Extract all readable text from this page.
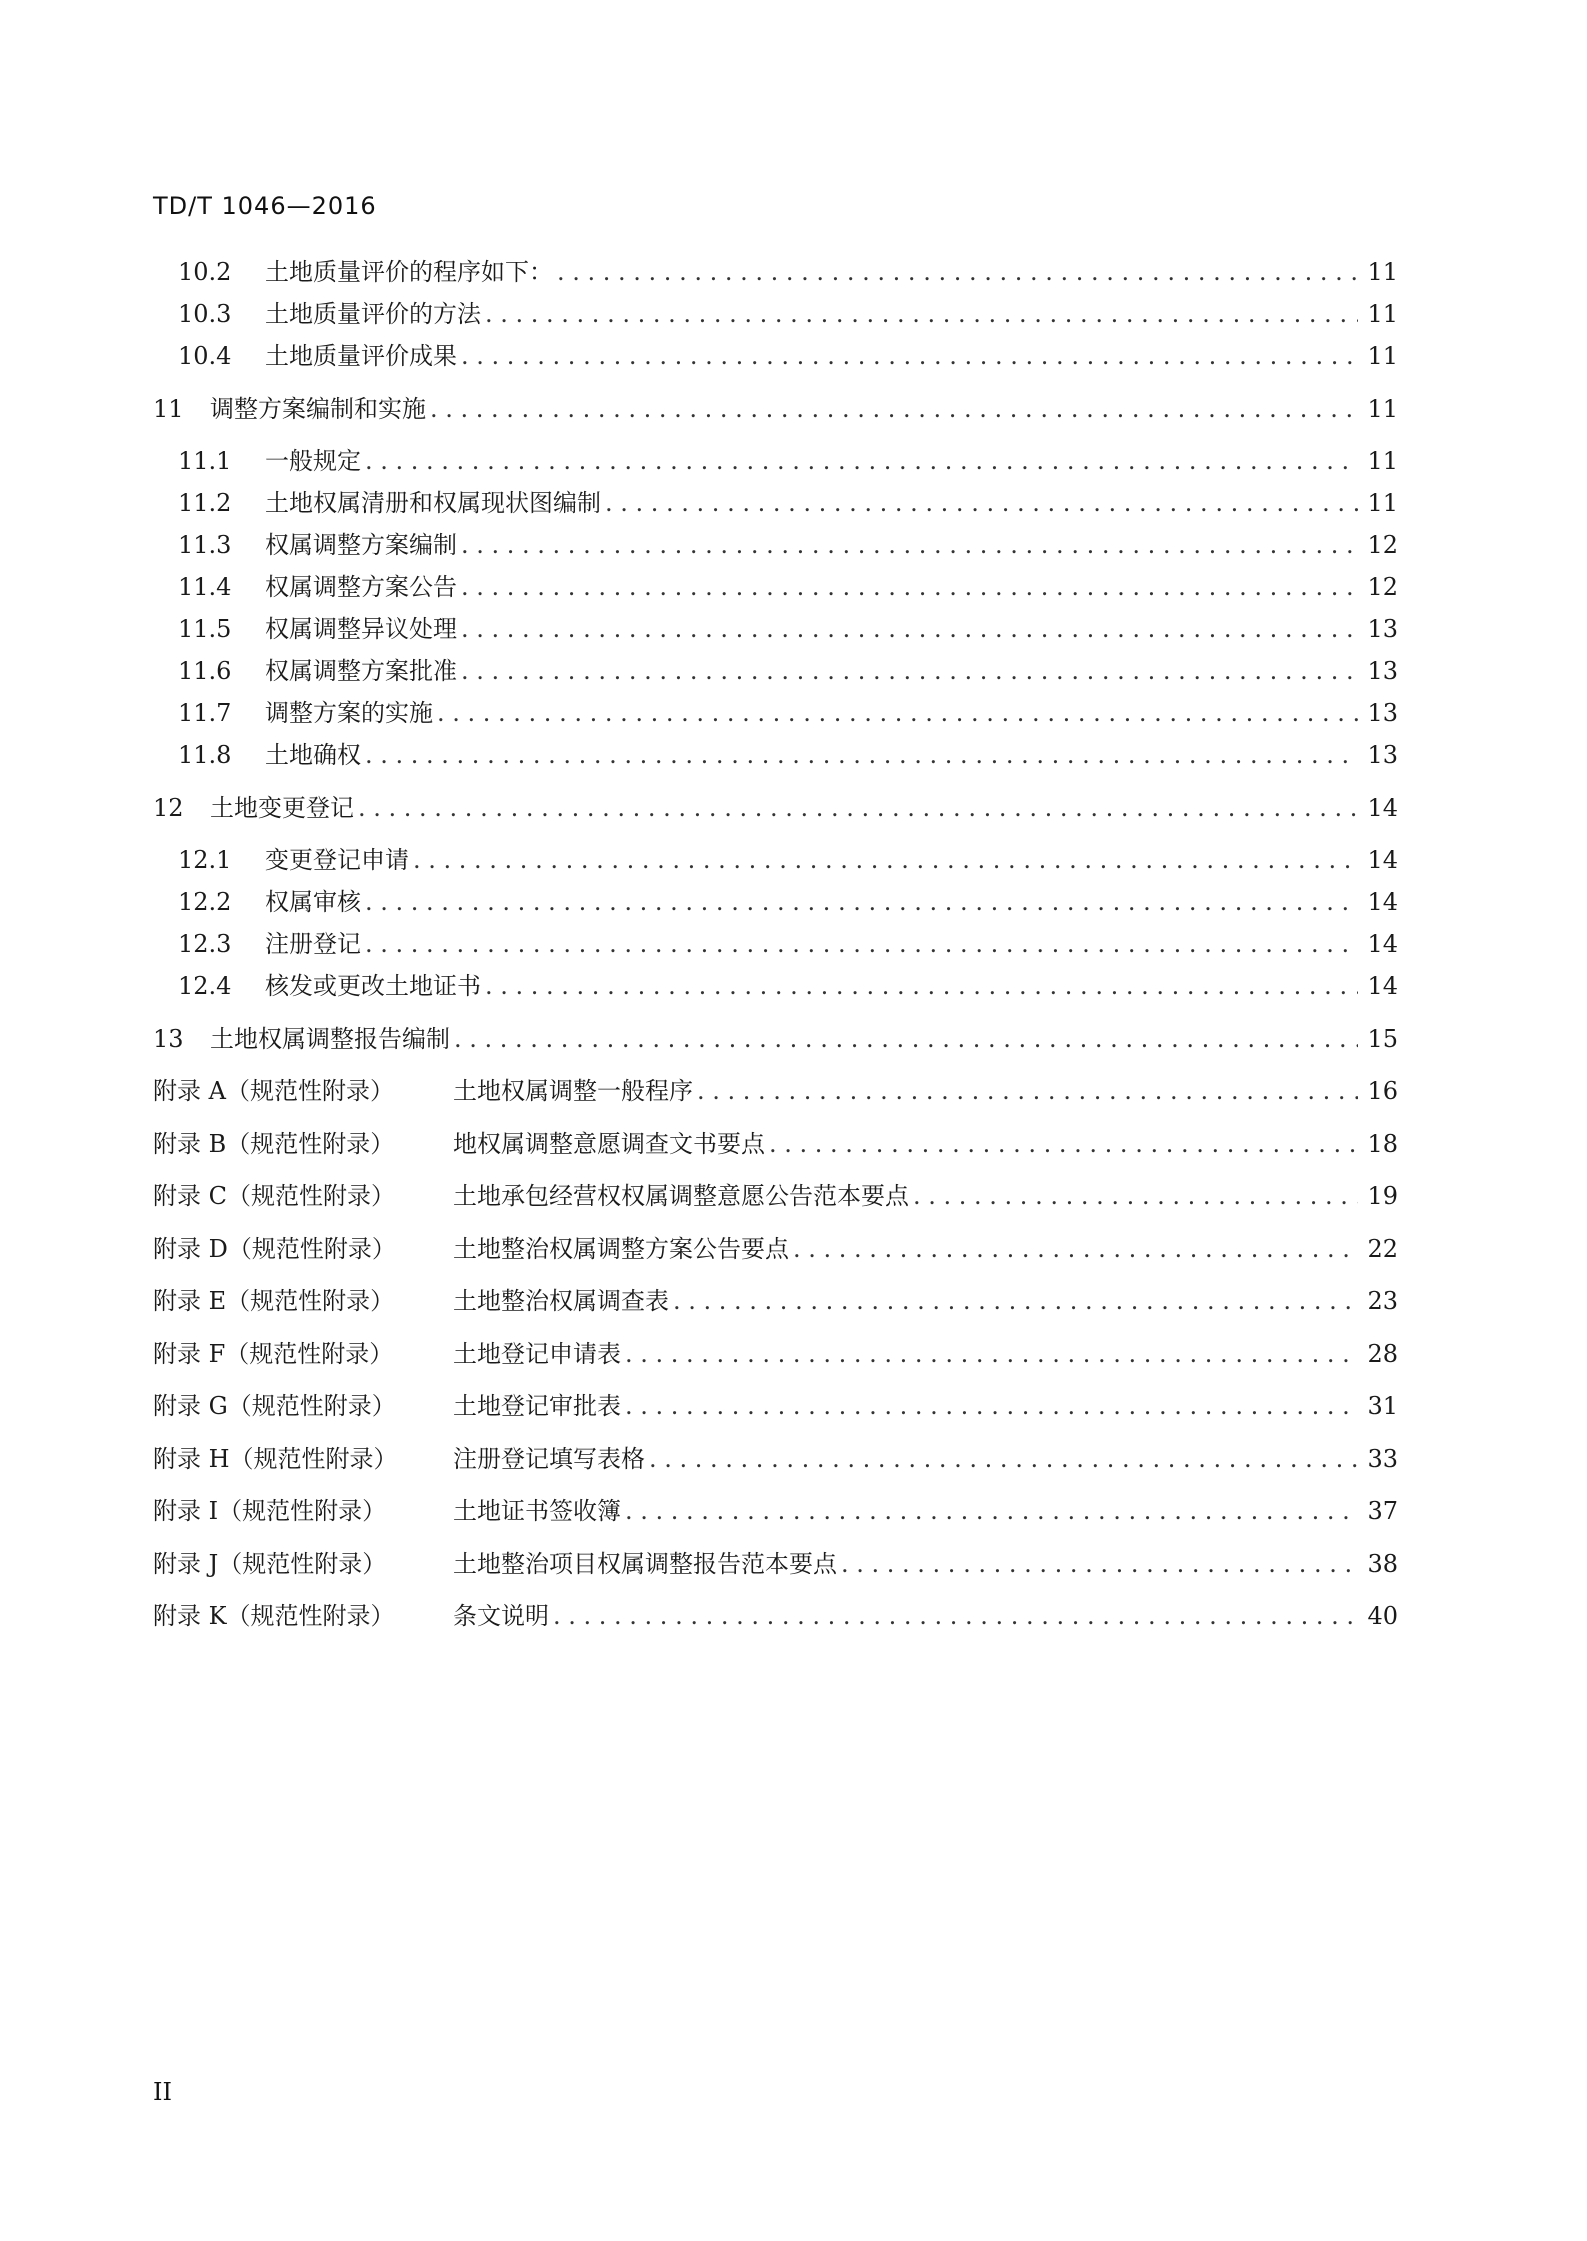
TD/T 1046—2016
10.2	土地质量评价的程序如下： . . .	11
10.3	土地质量评价的方法 . . .	11
10.4	土地质量评价成果 . . .	11
11	调整方案编制和实施 . . .	11
11.1	一般规定 . . .	11
11.2	土地权属清册和权属现状图编制 . . .	11
11.3	权属调整方案编制 . . .	12
11.4	权属调整方案公告 . . .	12
11.5	权属调整异议处理 . . .	13
11.6	权属调整方案批准 . . .	13
11.7	调整方案的实施 . . .	13
11.8	土地确权 . . .	13
12	土地变更登记 . . .	14
12.1	变更登记申请 . . .	14
12.2	权属审核 . . .	14
12.3	注册登记 . . .	14
12.4	核发或更改土地证书 . . .	14
13	土地权属调整报告编制 . . .	15
附录 A（规范性附录）	土地权属调整一般程序 . . .	16
附录 B（规范性附录）	地权属调整意愿调查文书要点 . . .	18
附录 C（规范性附录）	土地承包经营权权属调整意愿公告范本要点 . . .	19
附录 D（规范性附录）	土地整治权属调整方案公告要点 . . .	22
附录 E（规范性附录）	土地整治权属调查表 . . .	23
附录 F（规范性附录）	土地登记申请表 . . .	28
附录 G（规范性附录）	土地登记审批表 . . .	31
附录 H（规范性附录）	注册登记填写表格 . . .	33
附录 I（规范性附录）	土地证书签收簿 . . .	37
附录 J（规范性附录）	土地整治项目权属调整报告范本要点 . . .	38
附录 K（规范性附录）	条文说明 . . .	40
II
